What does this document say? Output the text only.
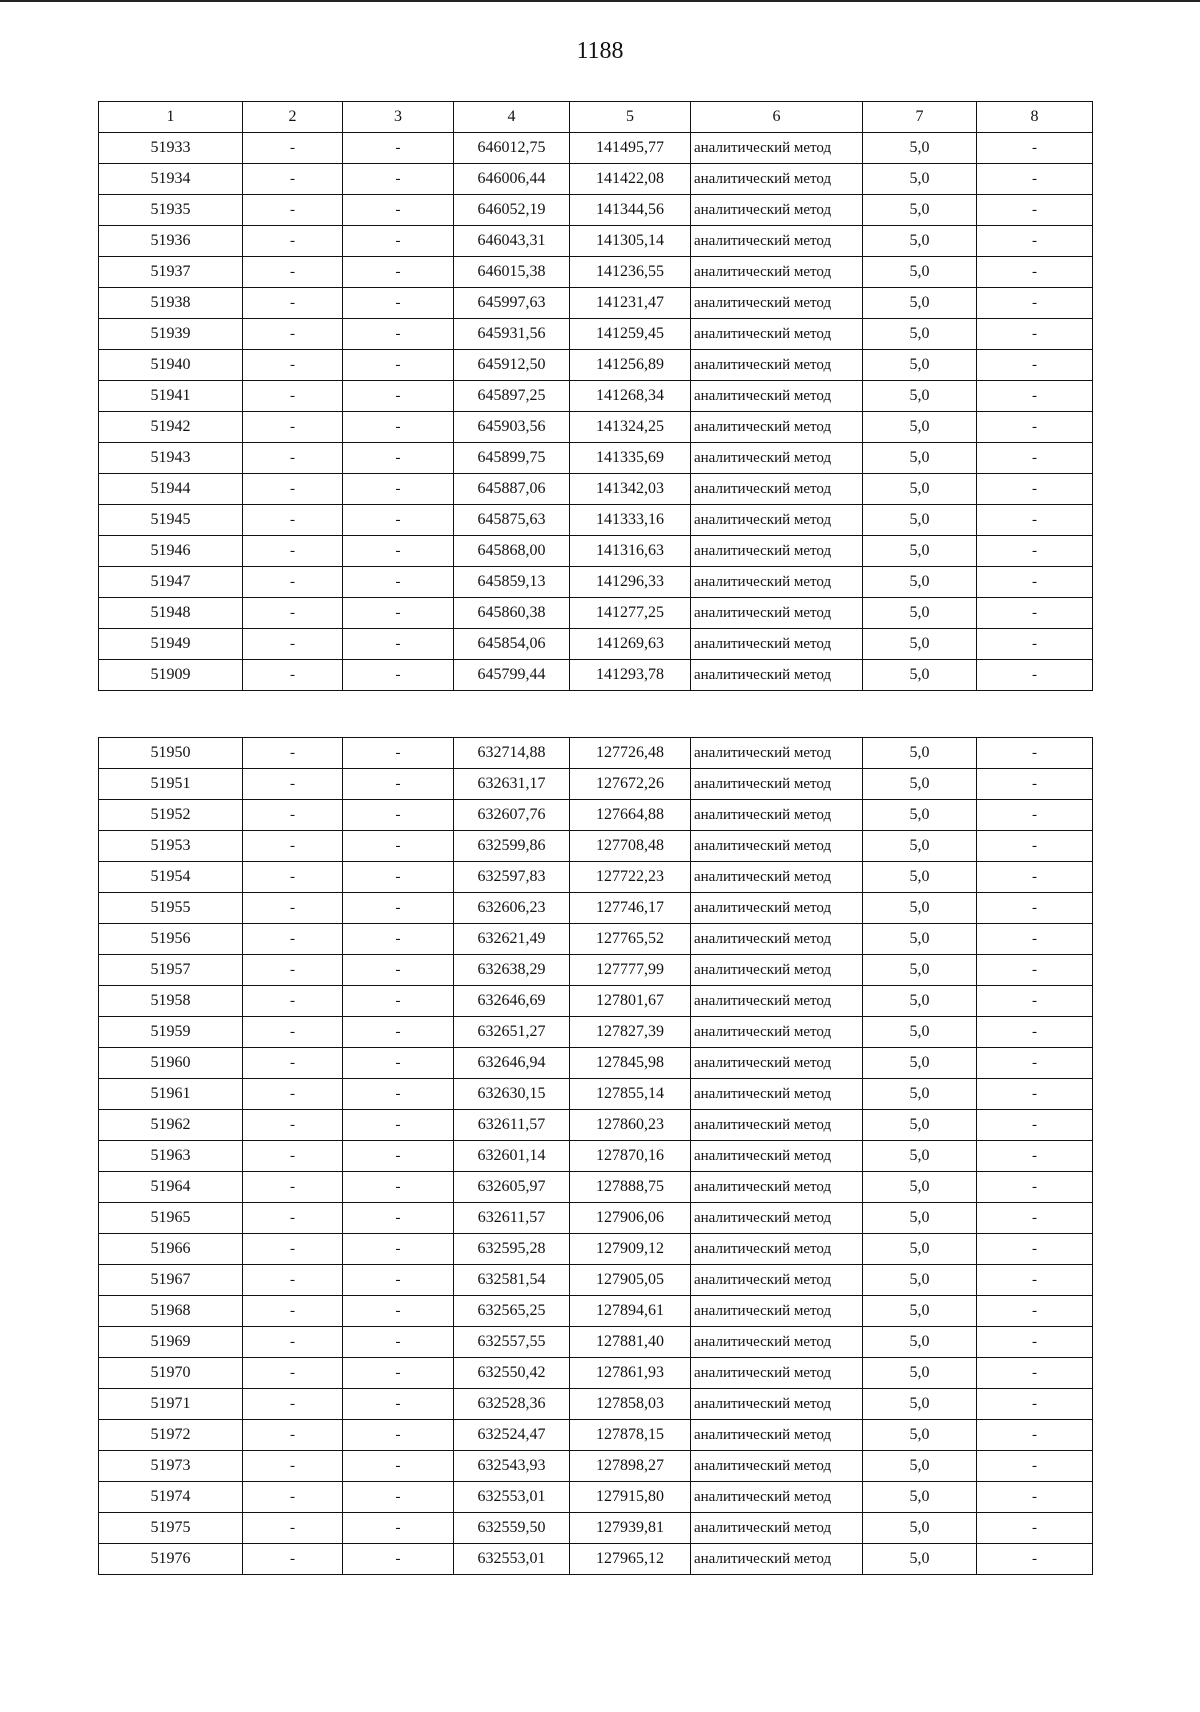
1188
1	2	3	4	5	6	7	8
51933	-	-	646012,75	141495,77	аналитический метод	5,0	-
51934	-	-	646006,44	141422,08	аналитический метод	5,0	-
51935	-	-	646052,19	141344,56	аналитический метод	5,0	-
51936	-	-	646043,31	141305,14	аналитический метод	5,0	-
51937	-	-	646015,38	141236,55	аналитический метод	5,0	-
51938	-	-	645997,63	141231,47	аналитический метод	5,0	-
51939	-	-	645931,56	141259,45	аналитический метод	5,0	-
51940	-	-	645912,50	141256,89	аналитический метод	5,0	-
51941	-	-	645897,25	141268,34	аналитический метод	5,0	-
51942	-	-	645903,56	141324,25	аналитический метод	5,0	-
51943	-	-	645899,75	141335,69	аналитический метод	5,0	-
51944	-	-	645887,06	141342,03	аналитический метод	5,0	-
51945	-	-	645875,63	141333,16	аналитический метод	5,0	-
51946	-	-	645868,00	141316,63	аналитический метод	5,0	-
51947	-	-	645859,13	141296,33	аналитический метод	5,0	-
51948	-	-	645860,38	141277,25	аналитический метод	5,0	-
51949	-	-	645854,06	141269,63	аналитический метод	5,0	-
51909	-	-	645799,44	141293,78	аналитический метод	5,0	-
51950	-	-	632714,88	127726,48	аналитический метод	5,0	-
51951	-	-	632631,17	127672,26	аналитический метод	5,0	-
51952	-	-	632607,76	127664,88	аналитический метод	5,0	-
51953	-	-	632599,86	127708,48	аналитический метод	5,0	-
51954	-	-	632597,83	127722,23	аналитический метод	5,0	-
51955	-	-	632606,23	127746,17	аналитический метод	5,0	-
51956	-	-	632621,49	127765,52	аналитический метод	5,0	-
51957	-	-	632638,29	127777,99	аналитический метод	5,0	-
51958	-	-	632646,69	127801,67	аналитический метод	5,0	-
51959	-	-	632651,27	127827,39	аналитический метод	5,0	-
51960	-	-	632646,94	127845,98	аналитический метод	5,0	-
51961	-	-	632630,15	127855,14	аналитический метод	5,0	-
51962	-	-	632611,57	127860,23	аналитический метод	5,0	-
51963	-	-	632601,14	127870,16	аналитический метод	5,0	-
51964	-	-	632605,97	127888,75	аналитический метод	5,0	-
51965	-	-	632611,57	127906,06	аналитический метод	5,0	-
51966	-	-	632595,28	127909,12	аналитический метод	5,0	-
51967	-	-	632581,54	127905,05	аналитический метод	5,0	-
51968	-	-	632565,25	127894,61	аналитический метод	5,0	-
51969	-	-	632557,55	127881,40	аналитический метод	5,0	-
51970	-	-	632550,42	127861,93	аналитический метод	5,0	-
51971	-	-	632528,36	127858,03	аналитический метод	5,0	-
51972	-	-	632524,47	127878,15	аналитический метод	5,0	-
51973	-	-	632543,93	127898,27	аналитический метод	5,0	-
51974	-	-	632553,01	127915,80	аналитический метод	5,0	-
51975	-	-	632559,50	127939,81	аналитический метод	5,0	-
51976	-	-	632553,01	127965,12	аналитический метод	5,0	-
